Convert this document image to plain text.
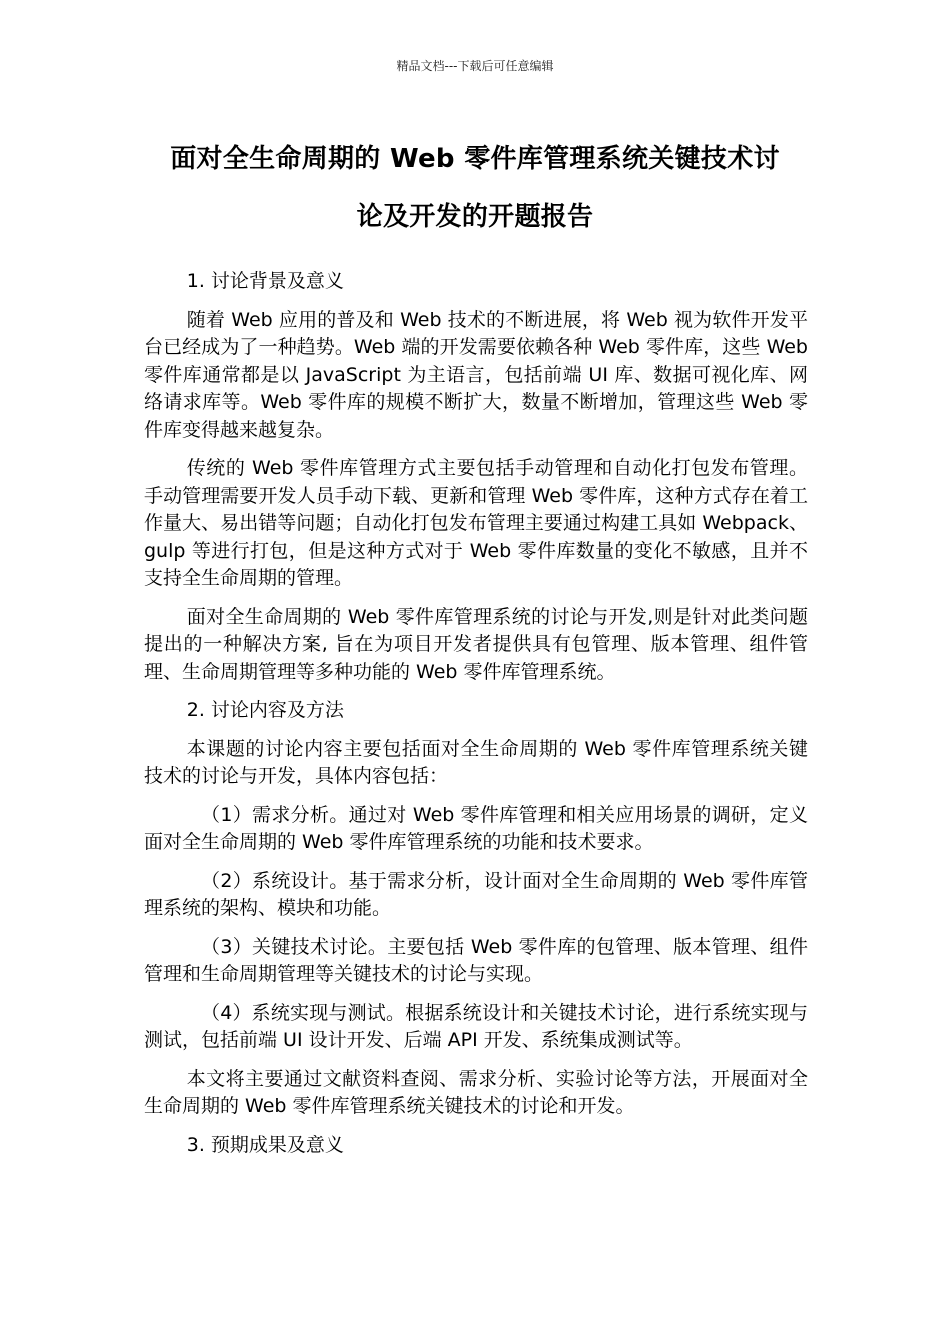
精品文档---下载后可任意编辑
面对全生命周期的 Web 零件库管理系统关键技术讨
论及开发的开题报告

1. 讨论背景及意义

随着 Web 应用的普及和 Web 技术的不断进展，将 Web 视为软件开发平台已经成为了一种趋势。Web 端的开发需要依赖各种 Web 零件库，这些 Web 零件库通常都是以 JavaScript 为主语言，包括前端 UI 库、数据可视化库、网络请求库等。Web 零件库的规模不断扩大，数量不断增加，管理这些 Web 零件库变得越来越复杂。

传统的 Web 零件库管理方式主要包括手动管理和自动化打包发布管理。手动管理需要开发人员手动下载、更新和管理 Web 零件库，这种方式存在着工作量大、易出错等问题；自动化打包发布管理主要通过构建工具如 Webpack、gulp 等进行打包，但是这种方式对于 Web 零件库数量的变化不敏感，且并不支持全生命周期的管理。

面对全生命周期的 Web 零件库管理系统的讨论与开发,则是针对此类问题提出的一种解决方案, 旨在为项目开发者提供具有包管理、版本管理、组件管理、生命周期管理等多种功能的 Web 零件库管理系统。

2. 讨论内容及方法

本课题的讨论内容主要包括面对全生命周期的 Web 零件库管理系统关键技术的讨论与开发，具体内容包括：

（1）需求分析。通过对 Web 零件库管理和相关应用场景的调研，定义面对全生命周期的 Web 零件库管理系统的功能和技术要求。

（2）系统设计。基于需求分析，设计面对全生命周期的 Web 零件库管理系统的架构、模块和功能。

（3）关键技术讨论。主要包括 Web 零件库的包管理、版本管理、组件管理和生命周期管理等关键技术的讨论与实现。

（4）系统实现与测试。根据系统设计和关键技术讨论，进行系统实现与测试，包括前端 UI 设计开发、后端 API 开发、系统集成测试等。

本文将主要通过文献资料查阅、需求分析、实验讨论等方法，开展面对全生命周期的 Web 零件库管理系统关键技术的讨论和开发。

3. 预期成果及意义
